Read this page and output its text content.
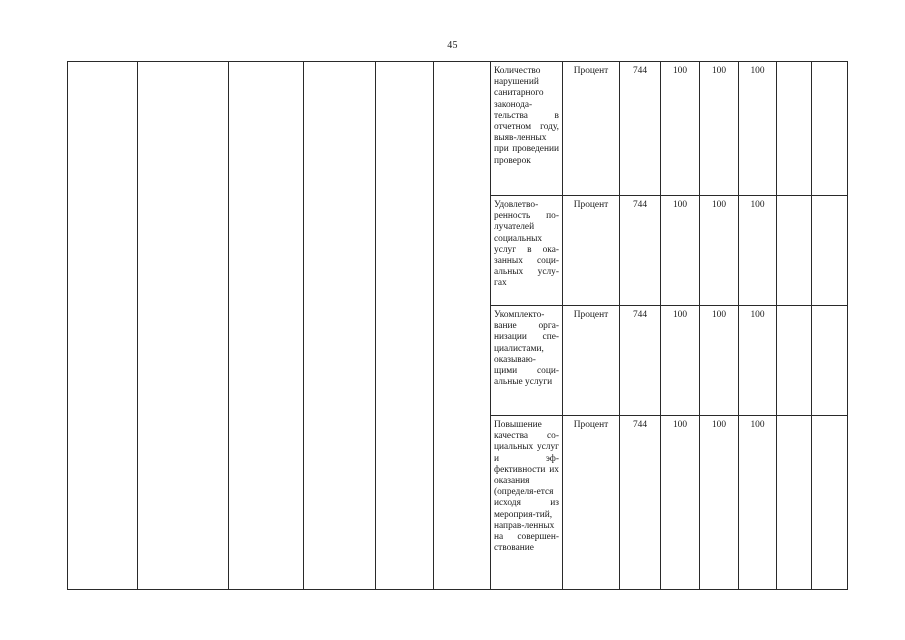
45
						Количество нарушений санитарного законода-тельства в отчетном году, выяв-ленных при проведении проверок	Процент	744	100	100	100		
						Удовлетво-ренность по-лучателей социальных услуг в ока-занных соци-альных услу-гах	Процент	744	100	100	100		
						Укомплекто-вание орга-низации спе-циалистами, оказываю-щими соци-альные услуги	Процент	744	100	100	100		
						Повышение качества со-циальных услуг и эф-фективности их оказания (определя-ется исходя из мероприя-тий, направ-ленных на совершен-ствование	Процент	744	100	100	100		
